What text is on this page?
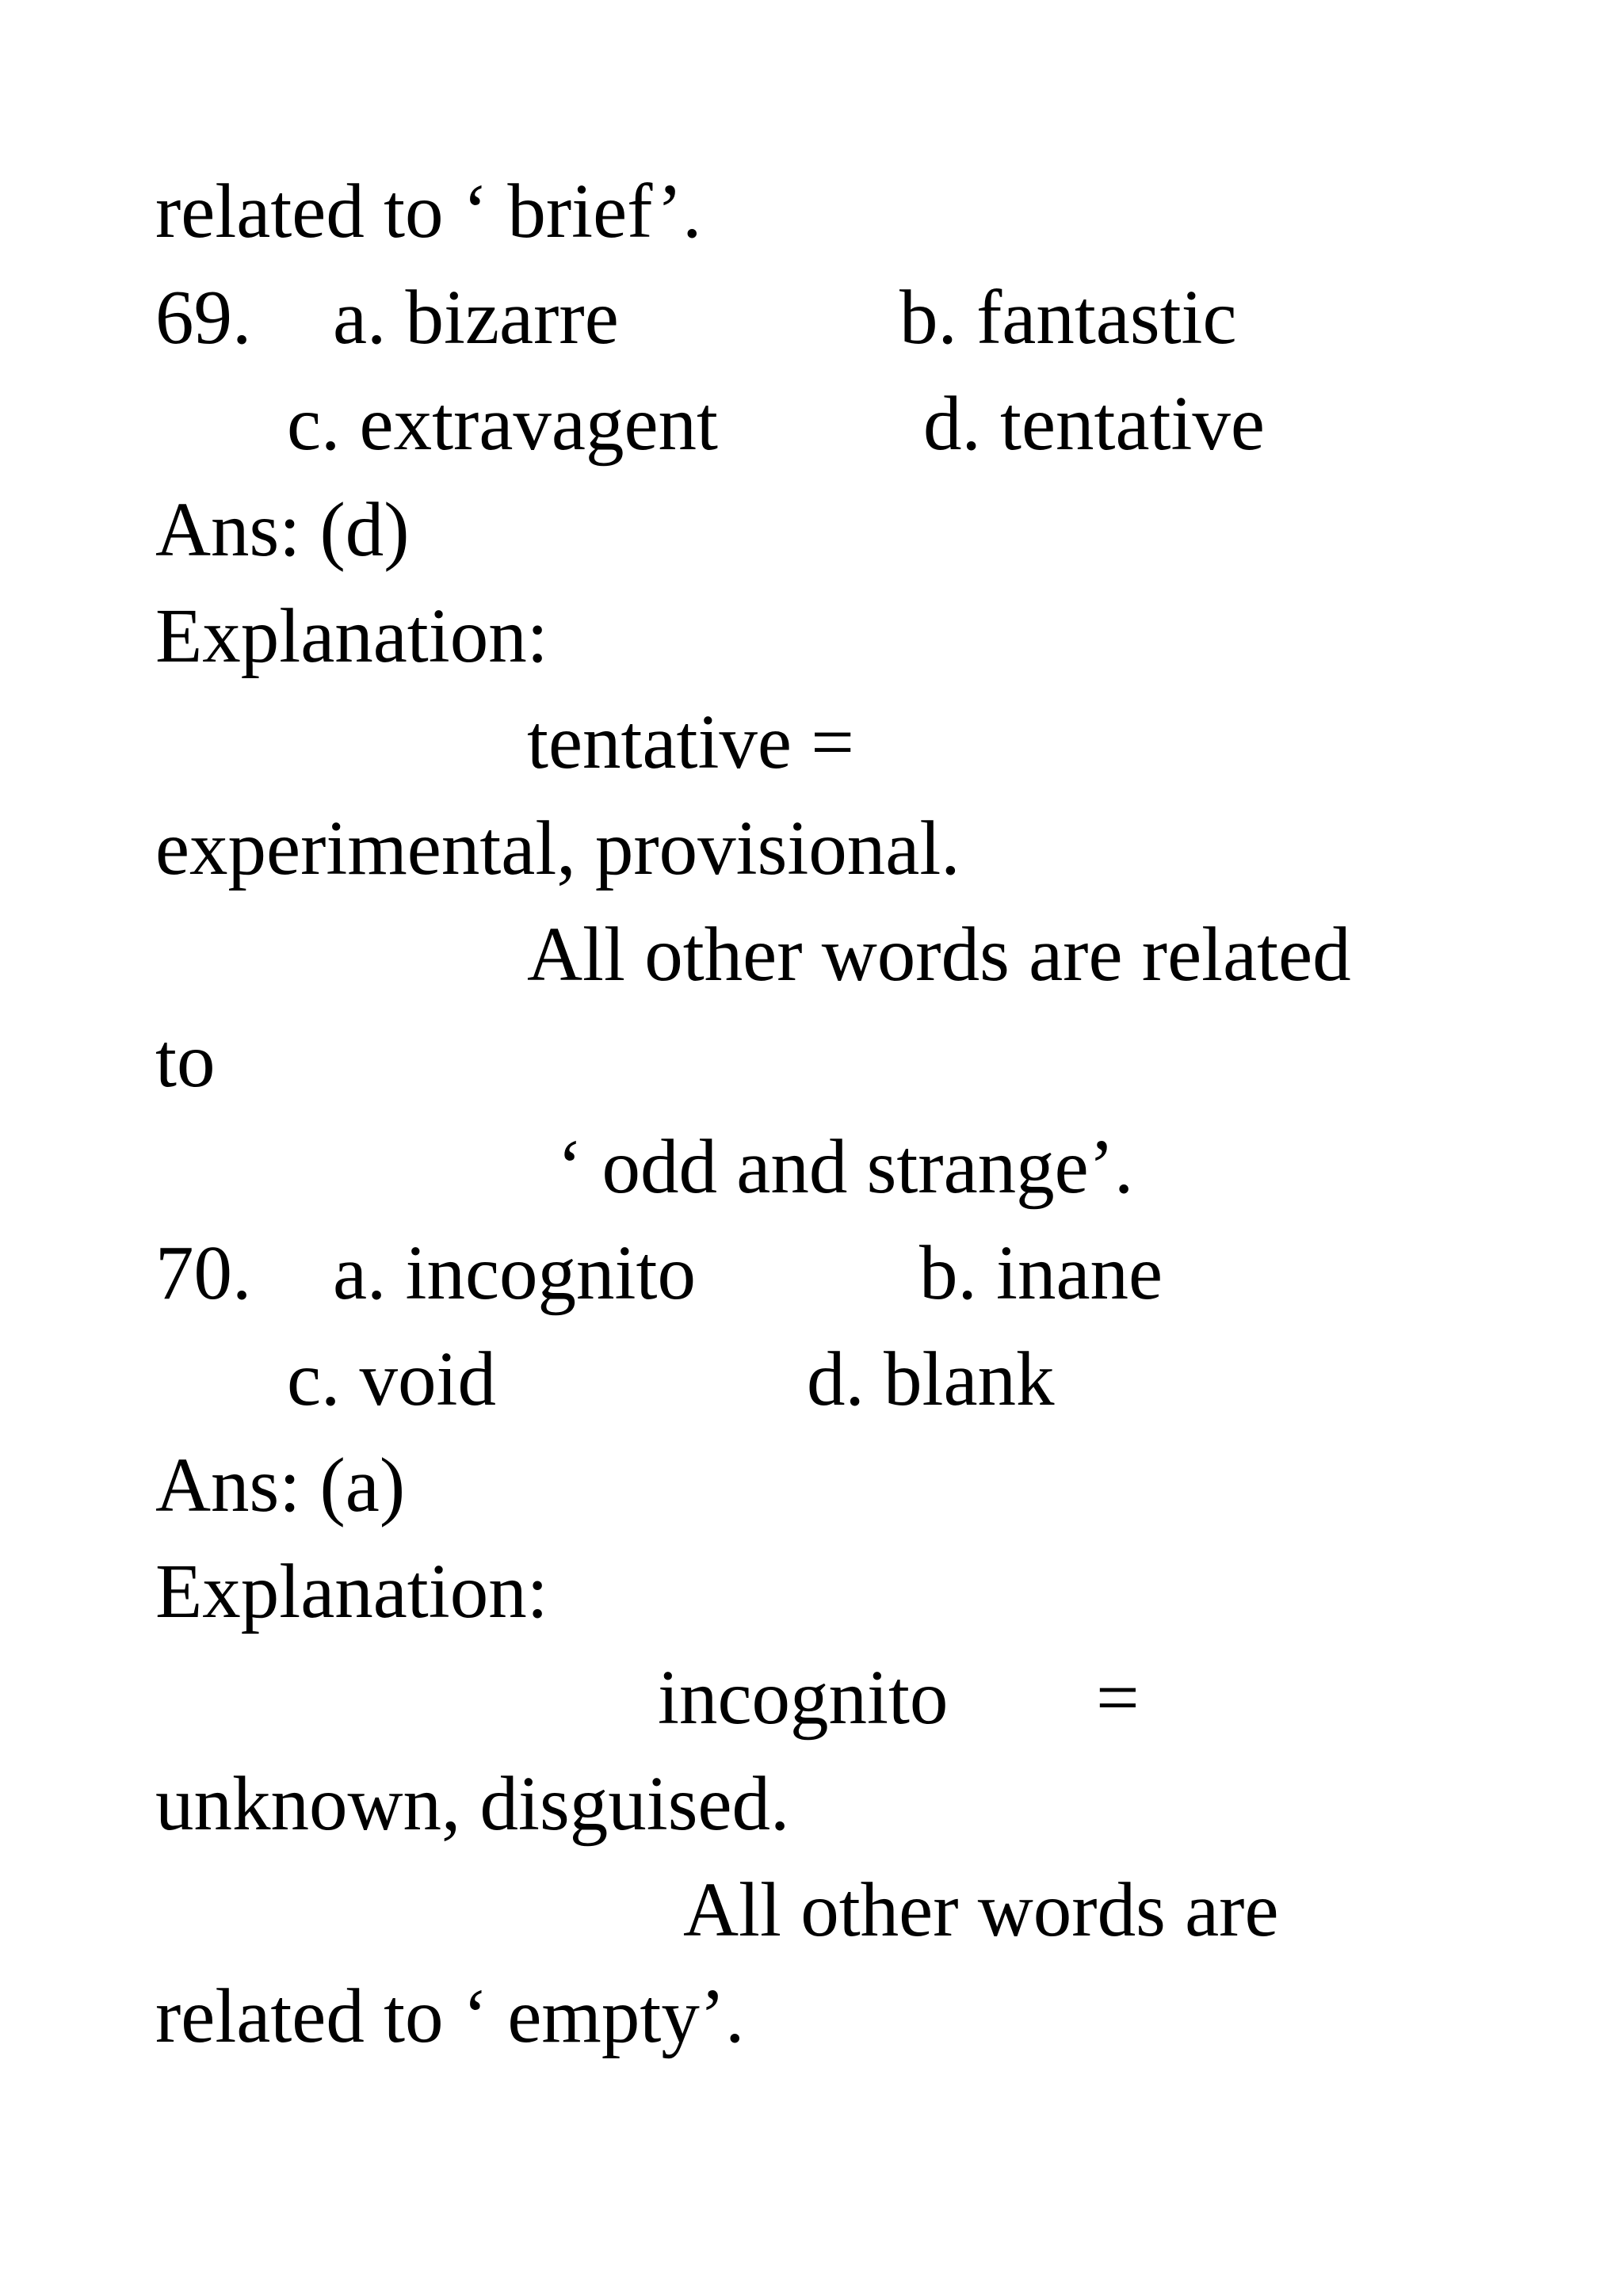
related to ‘ brief’.
69. a. bizarre	b. fantastic
c. extravagent	d. tentative
Ans: (d)
Explanation:
tentative =
experimental, provisional.
All other words are related
to
‘ odd and strange’.
70. a. incognito	b. inane
c. void	d. blank
Ans: (a)
Explanation:
incognito =
unknown, disguised.
All other words are
related to ‘ empty’.
